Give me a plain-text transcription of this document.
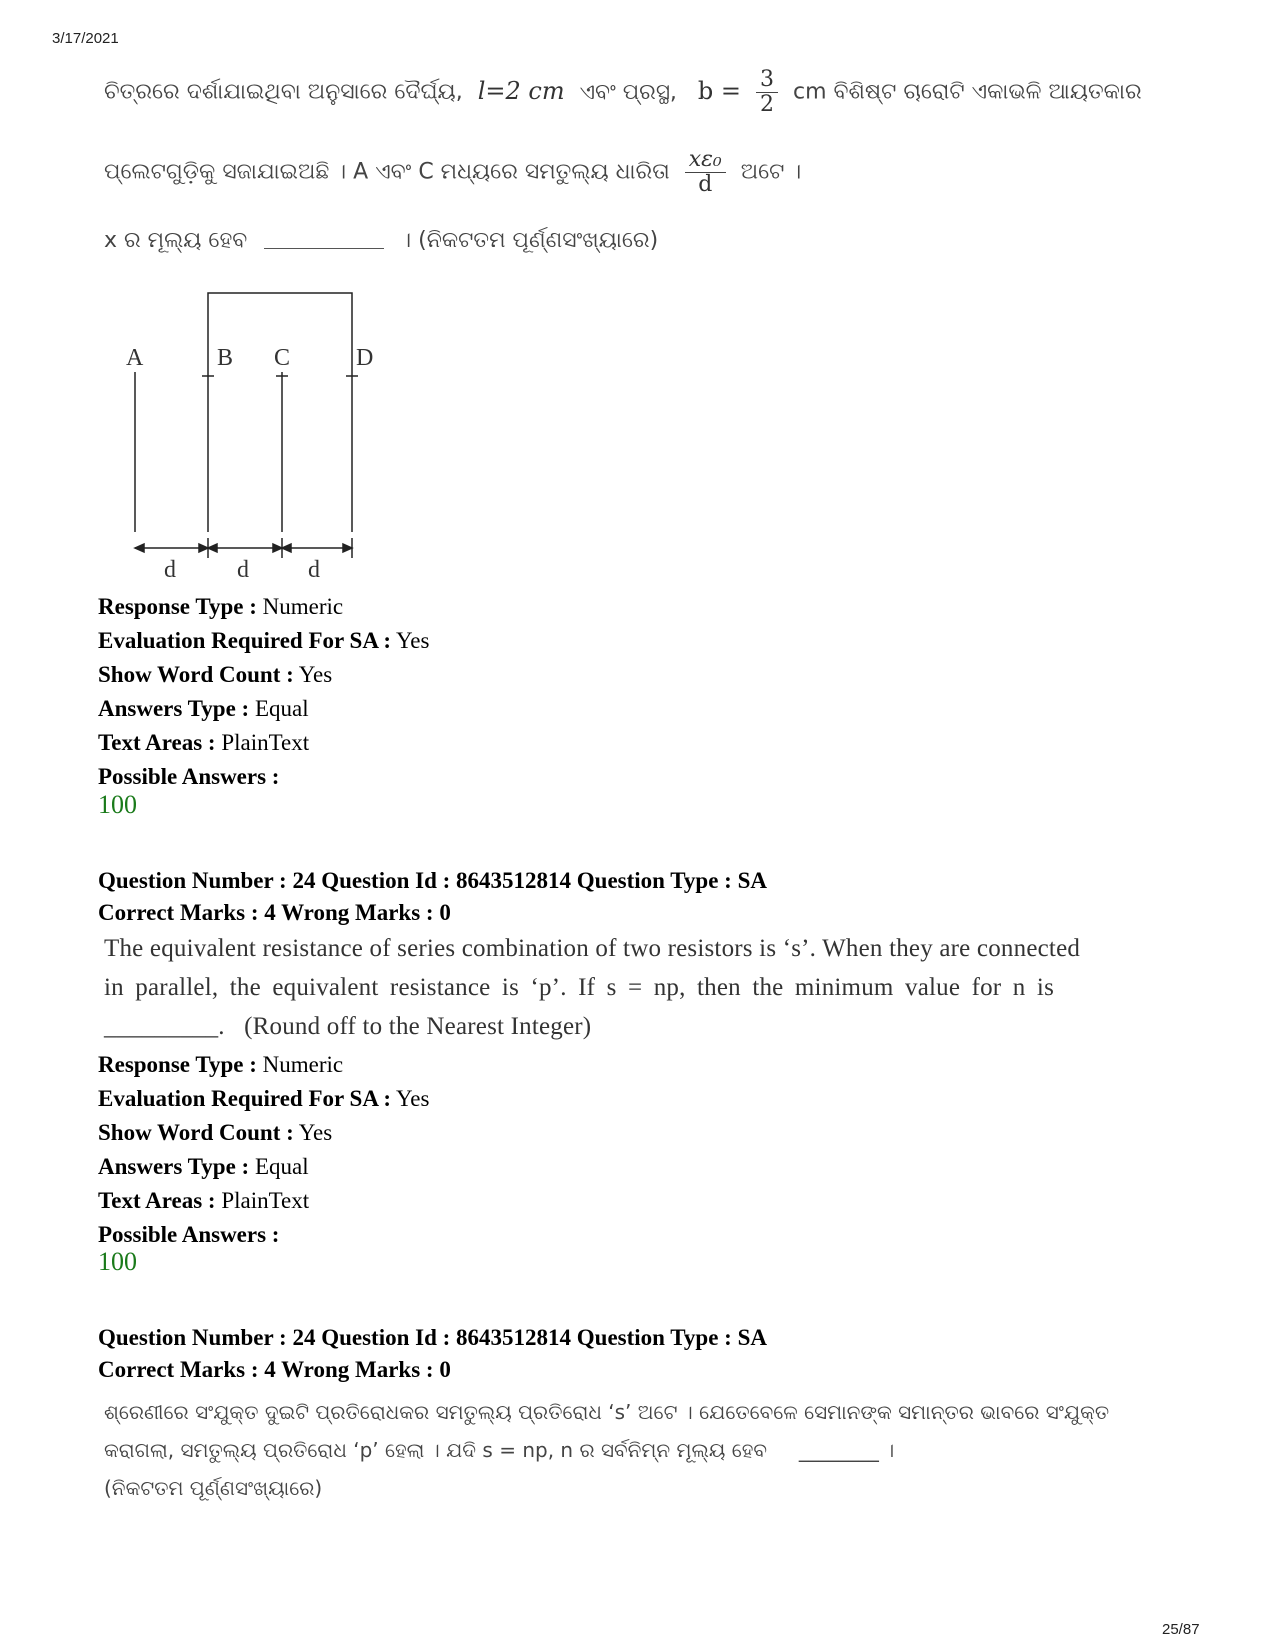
3/17/2021
25/87
ଚିତ୍ରରେ ଦର୍ଶାଯାଇଥିବା ଅନୁସାରେ ଦୈର୍ଘ୍ୟ, l=2 cm ଏବଂ ପ୍ରସ୍ଥ, $b = \frac{3}{2}$ cm ବିଶିଷ୍ଟ ଚାରୋଟି ଏକାଭଳି ଆୟତକାର
ପ୍ଲେଟଗୁଡ଼ିକୁ ସଜାଯାଇଅଛି । A ଏବଂ C ମଧ୍ୟରେ ସମତୁଲ୍ୟ ଧାରିତା $\frac{\text{xε₀}}{d}$ ଅଟେ ।
x ର ମୂଲ୍ୟ ହେବ	। (ନିକଟତମ ପୂର୍ଣ୍ଣସଂଖ୍ୟାରେ)
A	B C	D
d	d d
Response Type : Numeric
Evaluation Required For SA : Yes
Show Word Count : Yes
Answers Type : Equal
Text Areas : PlainText
Possible Answers :
100
Question Number : 24 Question Id : 8643512814 Question Type : SA
Correct Marks : 4 Wrong Marks : 0
The equivalent resistance of series combination of two resistors is ‘s’. When they are connected
in parallel, the equivalent resistance is ‘p’. If s = np, then the minimum value for n is
_________. (Round off to the Nearest Integer)
Response Type : Numeric
Evaluation Required For SA : Yes
Show Word Count : Yes
Answers Type : Equal
Text Areas : PlainText
Possible Answers :
100
Question Number : 24 Question Id : 8643512814 Question Type : SA
Correct Marks : 4 Wrong Marks : 0
ଶ୍ରେଣୀରେ ସଂଯୁକ୍ତ ଦୁଇଟି ପ୍ରତିରୋଧକର ସମତୁଲ୍ୟ ପ୍ରତିରୋଧ ‘s’ ଅଟେ । ଯେତେବେଳେ ସେମାନଙ୍କ ସମାନ୍ତର ଭାବରେ ସଂଯୁକ୍ତ
କରାଗଲା, ସମତୁଲ୍ୟ ପ୍ରତିରୋଧ ‘p’ ହେଲା । ଯଦି s = np, n ର ସର୍ବନିମ୍ନ ମୂଲ୍ୟ ହେବ ________ ।
(ନିକଟତମ ପୂର୍ଣ୍ଣସଂଖ୍ୟାରେ)
